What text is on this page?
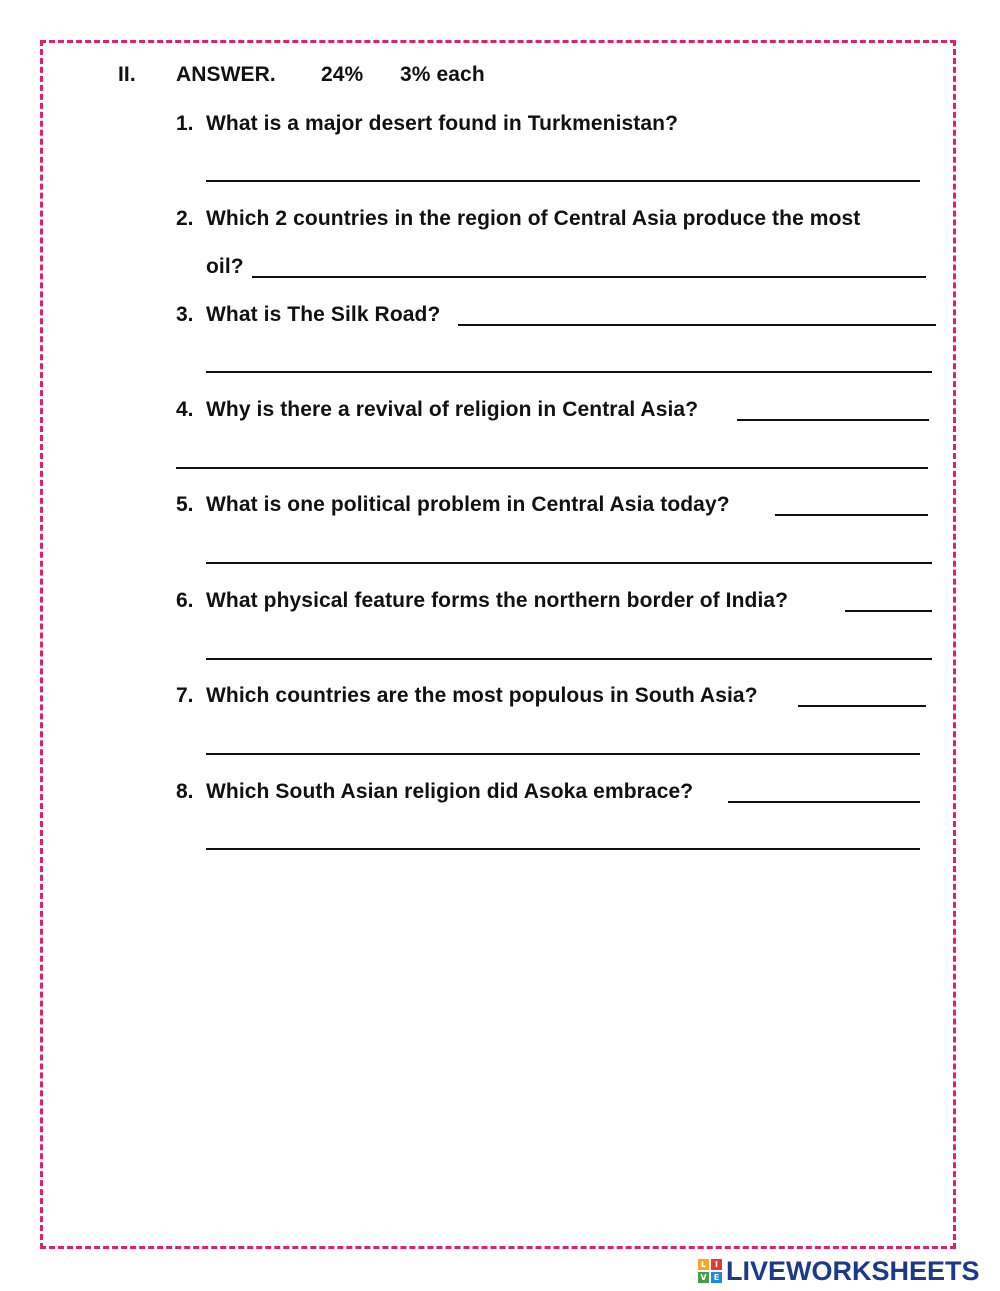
II. ANSWER. 24% 3% each
1. What is a major desert found in Turkmenistan?
2. Which 2 countries in the region of Central Asia produce the most
oil?
3. What is The Silk Road?
4. Why is there a revival of religion in Central Asia?
5. What is one political problem in Central Asia today?
6. What physical feature forms the northern border of India?
7. Which countries are the most populous in South Asia?
8. Which South Asian religion did Asoka embrace?
L	I
V E LIVEWORKSHEETS
